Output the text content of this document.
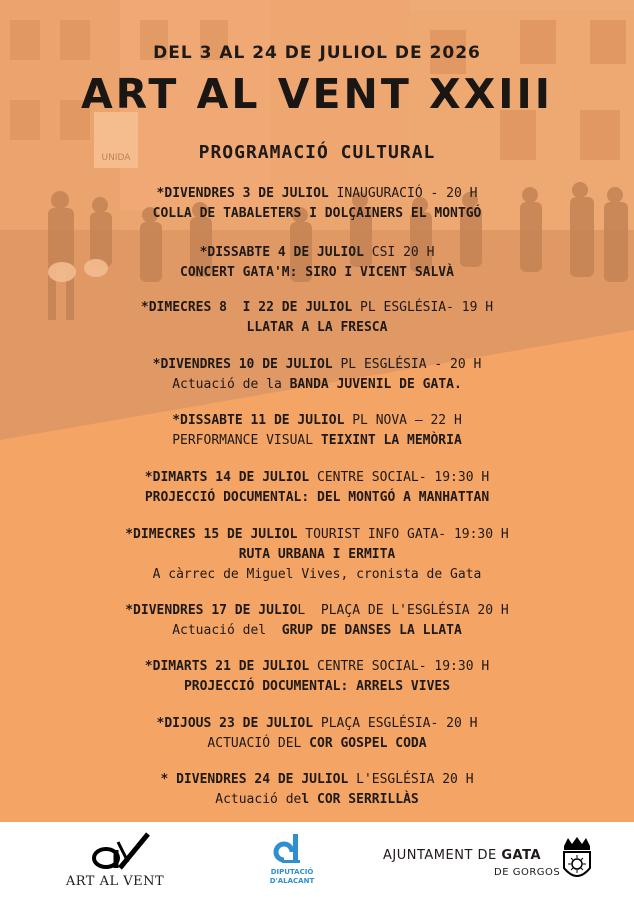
DEL 3 AL 24 DE JULIOL DE 2026
ART AL VENT XXIII
PROGRAMACIÓ CULTURAL
*DIVENDRES 3 DE JULIOL INAUGURACIÓ - 20 H
COLLA DE TABALETERS I DOLÇAINERS EL MONTGÓ
*DISSABTE 4 DE JULIOL CSI 20 H
CONCERT GATA'M: SIRO I VICENT SALVÀ
*DIMECRES 8  I 22 DE JULIOL PL ESGLÉSIA- 19 H
LLATAR A LA FRESCA
*DIVENDRES 10 DE JULIOL PL ESGLÉSIA - 20 H
Actuació de la BANDA JUVENIL DE GATA.
*DISSABTE 11 DE JULIOL PL NOVA – 22 H
PERFORMANCE VISUAL TEIXINT LA MEMÒRIA
*DIMARTS 14 DE JULIOL CENTRE SOCIAL- 19:30 H
PROJECCIÓ DOCUMENTAL: DEL MONTGÓ A MANHATTAN
*DIMECRES 15 DE JULIOL TOURIST INFO GATA- 19:30 H
RUTA URBANA I ERMITA
A càrrec de Miguel Vives, cronista de Gata
*DIVENDRES 17 DE JULIOL  PLAÇA DE L'ESGLÉSIA 20 H
Actuació del  GRUP DE DANSES LA LLATA
*DIMARTS 21 DE JULIOL CENTRE SOCIAL- 19:30 H
PROJECCIÓ DOCUMENTAL: ARRELS VIVES
*DIJOUS 23 DE JULIOL PLAÇA ESGLÉSIA- 20 H
ACTUACIÓ DEL COR GOSPEL CODA
* DIVENDRES 24 DE JULIOL L'ESGLÉSIA 20 H
Actuació del COR SERRILLÀS
ART AL VENT
DIPUTACIÓ
D'ALACANT
AJUNTAMENT DE GATA
DE GORGOS
